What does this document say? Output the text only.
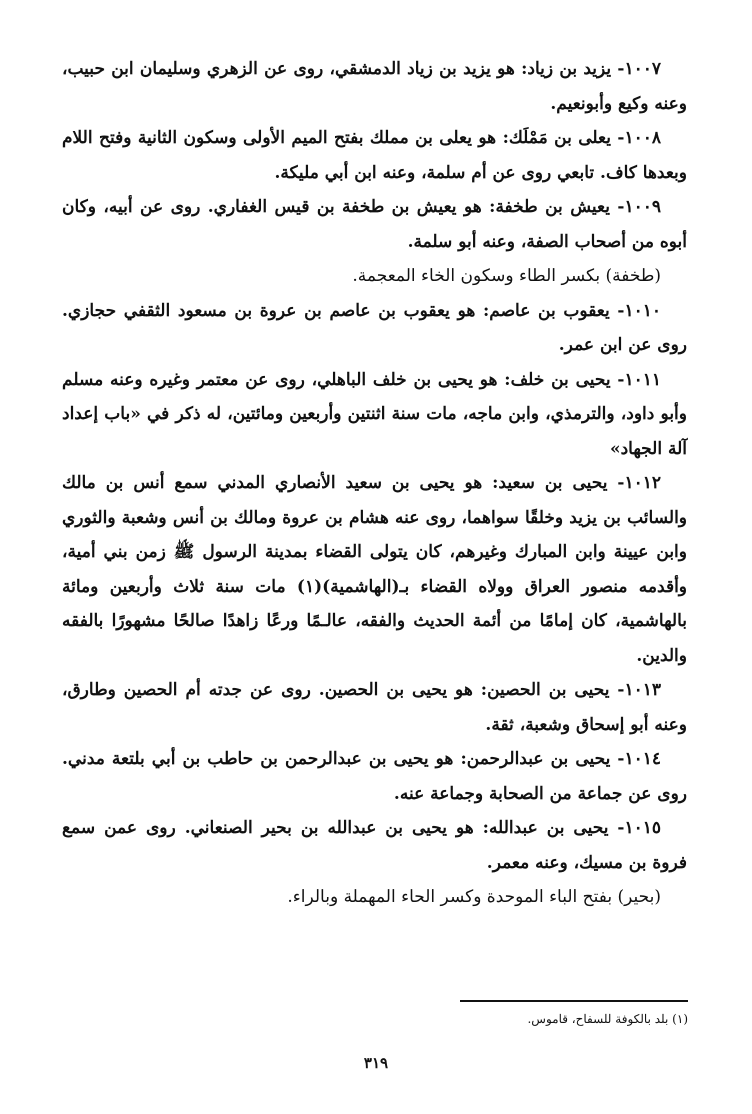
١٠٠٧- يزيد بن زياد: هو يزيد بن زياد الدمشقي، روى عن الزهري وسليمان ابن حبيب، وعنه وكيع وأبونعيم.

١٠٠٨- يعلى بن مَمْلَك: هو يعلى بن مملك بفتح الميم الأولى وسكون الثانية وفتح اللام وبعدها كاف. تابعي روى عن أم سلمة، وعنه ابن أبي مليكة.

١٠٠٩- يعيش بن طخفة: هو يعيش بن طخفة بن قيس الغفاري. روى عن أبيه، وكان أبوه من أصحاب الصفة، وعنه أبو سلمة.

(طخفة) بكسر الطاء وسكون الخاء المعجمة.

١٠١٠- يعقوب بن عاصم: هو يعقوب بن عاصم بن عروة بن مسعود الثقفي حجازي. روى عن ابن عمر.

١٠١١- يحيى بن خلف: هو يحيى بن خلف الباهلي، روى عن معتمر وغيره وعنه مسلم وأبو داود، والترمذي، وابن ماجه، مات سنة اثنتين وأربعين ومائتين، له ذكر في «باب إعداد آلة الجهاد»

١٠١٢- يحيى بن سعيد: هو يحيى بن سعيد الأنصاري المدني سمع أنس بن مالك والسائب بن يزيد وخلقًا سواهما، روى عنه هشام بن عروة ومالك بن أنس وشعبة والثوري وابن عيينة وابن المبارك وغيرهم، كان يتولى القضاء بمدينة الرسول ﷺ زمن بني أمية، وأقدمه منصور العراق وولاه القضاء بـ(الهاشمية)(١) مات سنة ثلاث وأربعين ومائة بالهاشمية، كان إمامًا من أئمة الحديث والفقه، عالـمًا ورعًا زاهدًا صالحًا مشهورًا بالفقه والدين.

١٠١٣- يحيى بن الحصين: هو يحيى بن الحصين. روى عن جدته أم الحصين وطارق، وعنه أبو إسحاق وشعبة، ثقة.

١٠١٤- يحيى بن عبدالرحمن: هو يحيى بن عبدالرحمن بن حاطب بن أبي بلتعة مدني. روى عن جماعة من الصحابة وجماعة عنه.

١٠١٥- يحيى بن عبدالله: هو يحيى بن عبدالله بن بحير الصنعاني. روى عمن سمع فروة بن مسيك، وعنه معمر.

(بحير) بفتح الباء الموحدة وكسر الحاء المهملة وبالراء.

(١) بلد بالكوفة للسفاح، قاموس.
٣١٩
